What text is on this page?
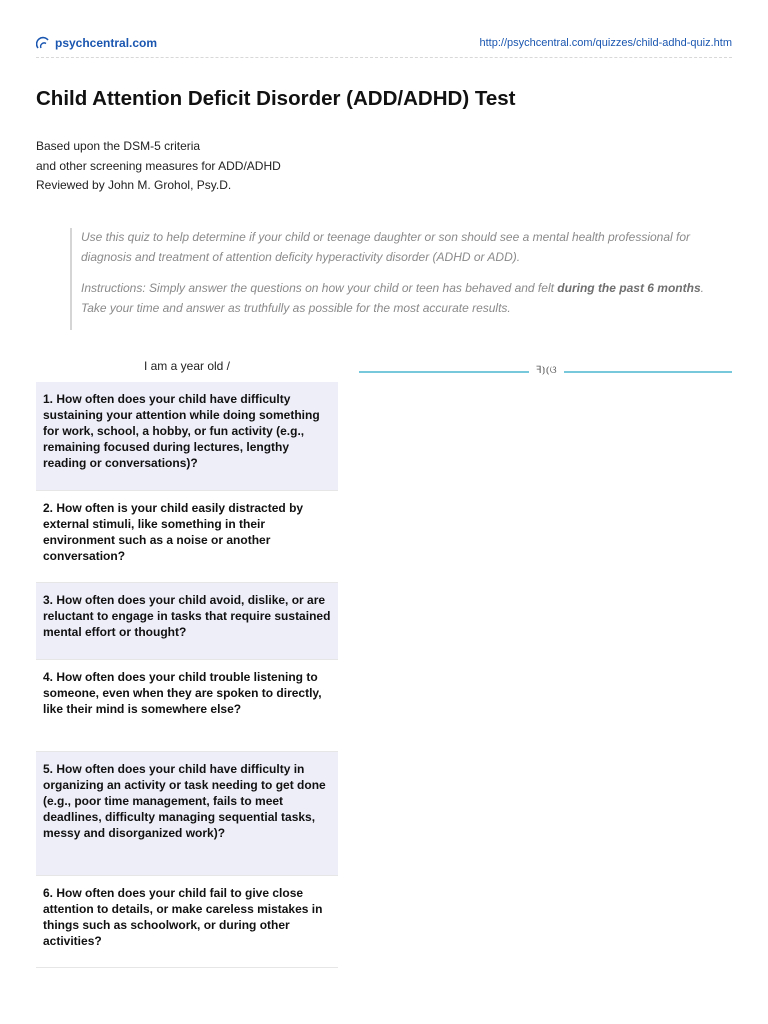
psychcentral.com	http://psychcentral.com/quizzes/child-adhd-quiz.htm
Child Attention Deficit Disorder (ADD/ADHD) Test
Based upon the DSM-5 criteria
and other screening measures for ADD/ADHD
Reviewed by John M. Grohol, Psy.D.

Use this quiz to help determine if your child or teenage daughter or son should see a mental health professional for diagnosis and treatment of attention deficity hyperactivity disorder (ADHD or ADD).

Instructions: Simply answer the questions on how your child or teen has behaved and felt during the past 6 months. Take your time and answer as truthfully as possible for the most accurate results.

I am a year old /	ꟻ⦆⦅ଓ
1. How often does your child have difficulty sustaining your attention while doing something for work, school, a hobby, or fun activity (e.g., remaining focused during lectures, lengthy reading or conversations)?
2. How often is your child easily distracted by external stimuli, like something in their environment such as a noise or another conversation?
3. How often does your child avoid, dislike, or are reluctant to engage in tasks that require sustained mental effort or thought?
4. How often does your child trouble listening to someone, even when they are spoken to directly, like their mind is somewhere else?
5. How often does your child have difficulty in organizing an activity or task needing to get done (e.g., poor time management, fails to meet deadlines, difficulty managing sequential tasks, messy and disorganized work)?
6. How often does your child fail to give close attention to details, or make careless mistakes in things such as schoolwork, or during other activities?
